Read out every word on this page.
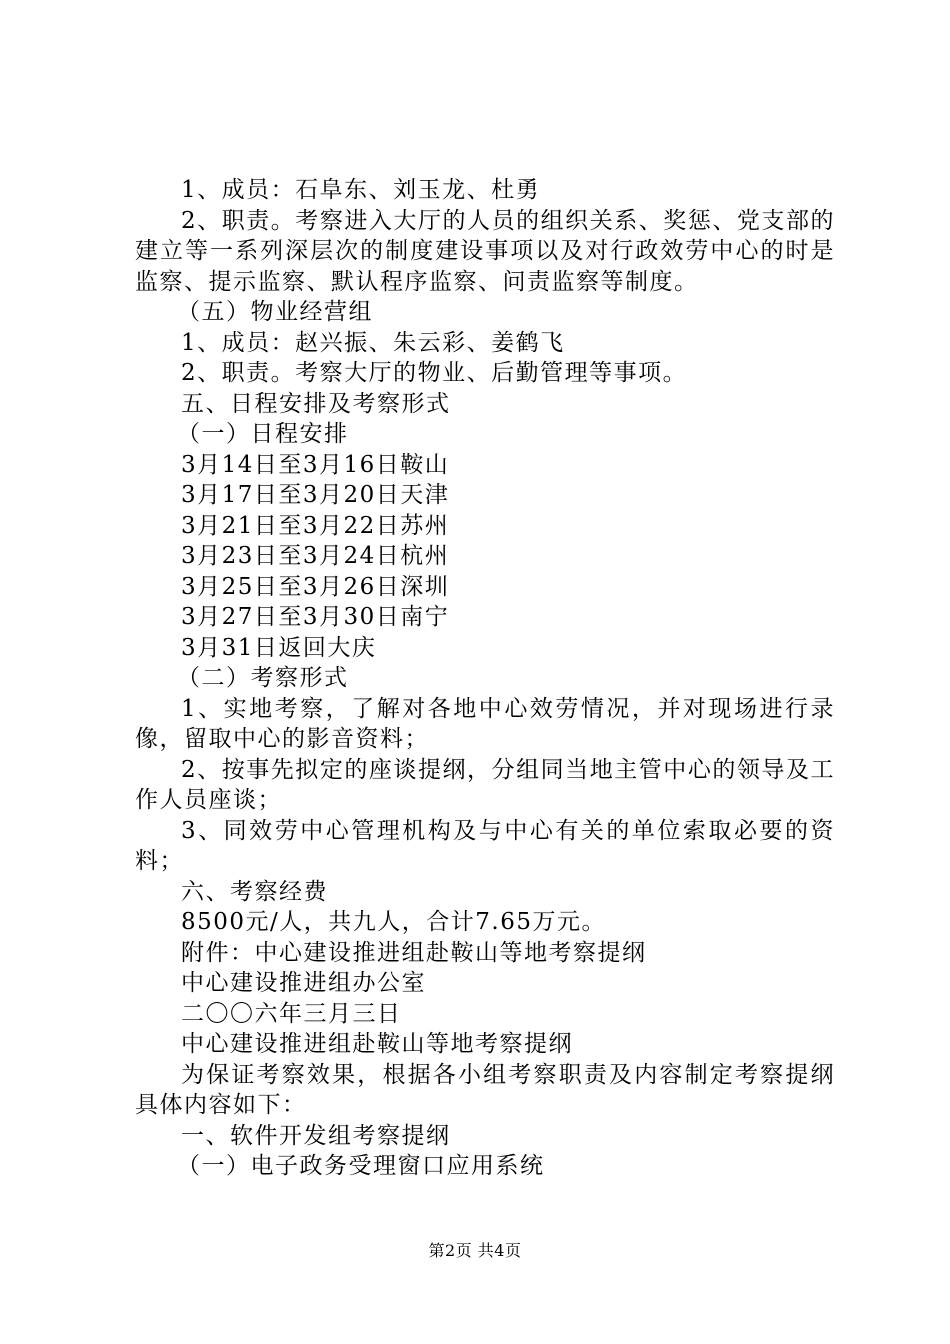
1、成员：石阜东、刘玉龙、杜勇

2、职责。考察进入大厅的人员的组织关系、奖惩、党支部的建立等一系列深层次的制度建设事项以及对行政效劳中心的时是监察、提示监察、默认程序监察、问责监察等制度。

（五）物业经营组

1、成员：赵兴振、朱云彩、姜鹤飞

2、职责。考察大厅的物业、后勤管理等事项。

五、日程安排及考察形式

（一）日程安排

3月14日至3月16日鞍山

3月17日至3月20日天津

3月21日至3月22日苏州

3月23日至3月24日杭州

3月25日至3月26日深圳

3月27日至3月30日南宁

3月31日返回大庆

（二）考察形式

1、实地考察，了解对各地中心效劳情况，并对现场进行录像，留取中心的影音资料；

2、按事先拟定的座谈提纲，分组同当地主管中心的领导及工作人员座谈；

3、同效劳中心管理机构及与中心有关的单位索取必要的资料；

六、考察经费

8500元/人，共九人，合计7.65万元。

附件：中心建设推进组赴鞍山等地考察提纲

中心建设推进组办公室

二〇〇六年三月三日

中心建设推进组赴鞍山等地考察提纲

为保证考察效果，根据各小组考察职责及内容制定考察提纲具体内容如下：

一、软件开发组考察提纲

（一）电子政务受理窗口应用系统

第2页 共4页
